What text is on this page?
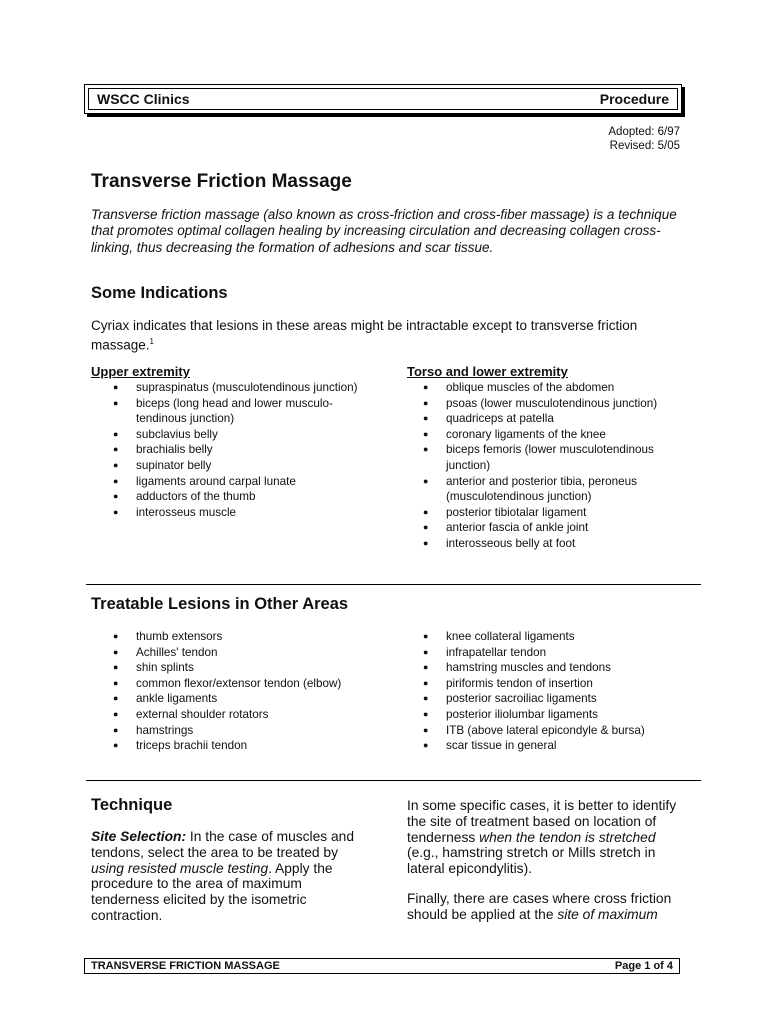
WSCC Clinics	Procedure
Adopted: 6/97
Revised: 5/05
Transverse Friction Massage
Transverse friction massage (also known as cross-friction and cross-fiber massage) is a technique that promotes optimal collagen healing by increasing circulation and decreasing collagen cross-linking, thus decreasing the formation of adhesions and scar tissue.
Some Indications
Cyriax indicates that lesions in these areas might be intractable except to transverse friction massage.$^1$
Upper extremity	Torso and lower extremity
● supraspinatus (musculotendinous junction)
● biceps (long head and lower musculo-tendinous junction)
● subclavius belly
● brachialis belly
● supinator belly
● ligaments around carpal lunate
● adductors of the thumb
● interosseus muscle
● oblique muscles of the abdomen
● psoas (lower musculotendinous junction)
● quadriceps at patella
● coronary ligaments of the knee
● biceps femoris (lower musculotendinous junction)
● anterior and posterior tibia, peroneus (musculotendinous junction)
● posterior tibiotalar ligament
● anterior fascia of ankle joint
● interosseous belly at foot
Treatable Lesions in Other Areas
● thumb extensors
● Achilles' tendon
● shin splints
● common flexor/extensor tendon (elbow)
● ankle ligaments
● external shoulder rotators
● hamstrings
● triceps brachii tendon
● knee collateral ligaments
● infrapatellar tendon
● hamstring muscles and tendons
● piriformis tendon of insertion
● posterior sacroiliac ligaments
● posterior iliolumbar ligaments
● ITB (above lateral epicondyle & bursa)
● scar tissue in general
Technique
Site Selection: In the case of muscles and tendons, select the area to be treated by using resisted muscle testing. Apply the procedure to the area of maximum tenderness elicited by the isometric contraction.
In some specific cases, it is better to identify the site of treatment based on location of tenderness when the tendon is stretched (e.g., hamstring stretch or Mills stretch in lateral epicondylitis).
Finally, there are cases where cross friction should be applied at the site of maximum
TRANSVERSE FRICTION MASSAGE	Page 1 of 4
